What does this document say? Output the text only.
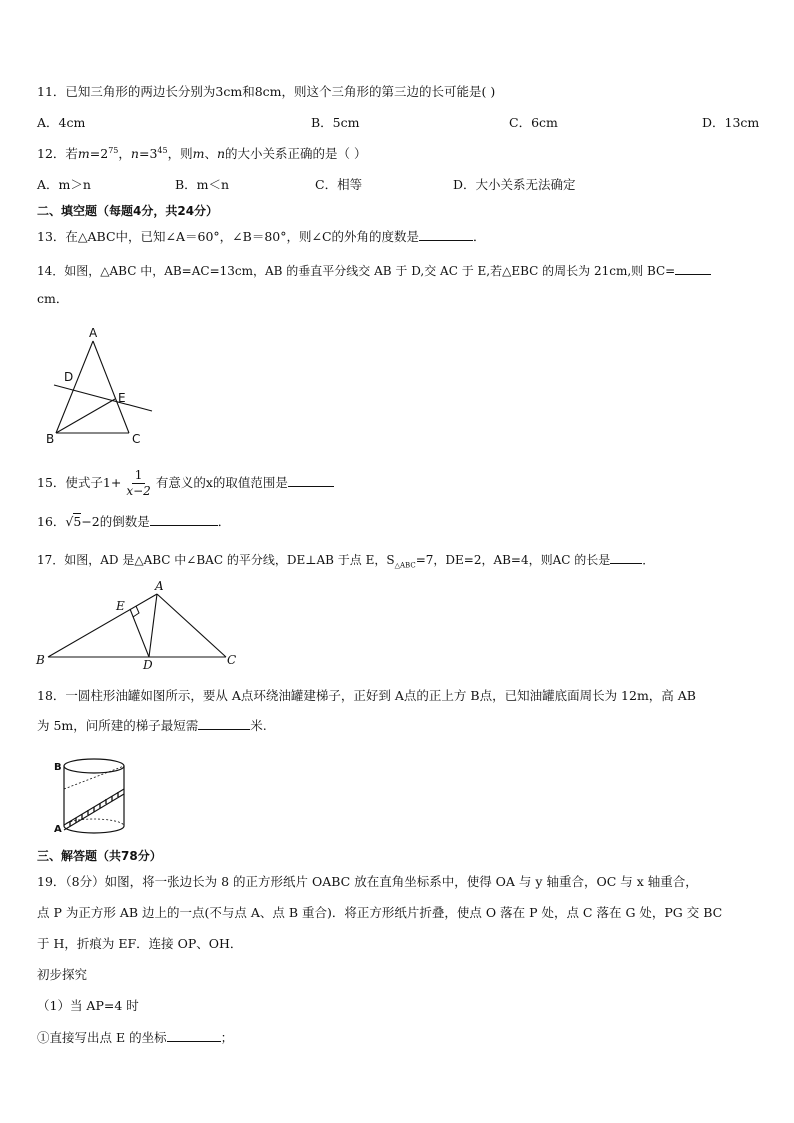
11．已知三角形的两边长分别为3cm和8cm，则这个三角形的第三边的长可能是( )
A．4cm	B．5cm	C．6cm	D．13cm
12．若$m=2^{75}$，$n=3^{45}$，则m、n的大小关系正确的是（ ）
A．m＞n	B．m＜n	C．相等	D．大小关系无法确定
二、填空题（每题4分，共24分）
13．在△ABC中，已知∠A＝60°，∠B＝80°，则∠C的外角的度数是	．
14．如图，△ABC 中，AB=AC=13cm，AB 的垂直平分线交 AB 于 D,交 AC 于 E,若△EBC 的周长为 21cm,则 BC=
cm．
A
D
E
B	C
15．使式子$1+ \frac{1}{x-2}$ 有意义的x的取值范围是
16．√5−2的倒数是	．
17．如图，AD 是△ABC 中∠BAC 的平分线，DE⊥AB 于点 E，$S_{\triangle ABC}=7$，DE=2，AB=4，则AC 的长是	．
A
E
B	D	C
18．一圆柱形油罐如图所示，要从 A点环绕油罐建梯子，正好到 A点的正上方 B点，已知油罐底面周长为 12m，高 AB
为 5m，问所建的梯子最短需	米.
B
A
三、解答题（共78分）
19．（8分）如图，将一张边长为 8 的正方形纸片 OABC 放在直角坐标系中，使得 OA 与 y 轴重合，OC 与 x 轴重合，
点 P 为正方形 AB 边上的一点(不与点 A、点 B 重合)．将正方形纸片折叠，使点 O 落在 P 处，点 C 落在 G 处，PG 交 BC
于 H，折痕为 EF．连接 OP、OH．
初步探究
（1）当 AP=4 时
①直接写出点 E 的坐标	；
